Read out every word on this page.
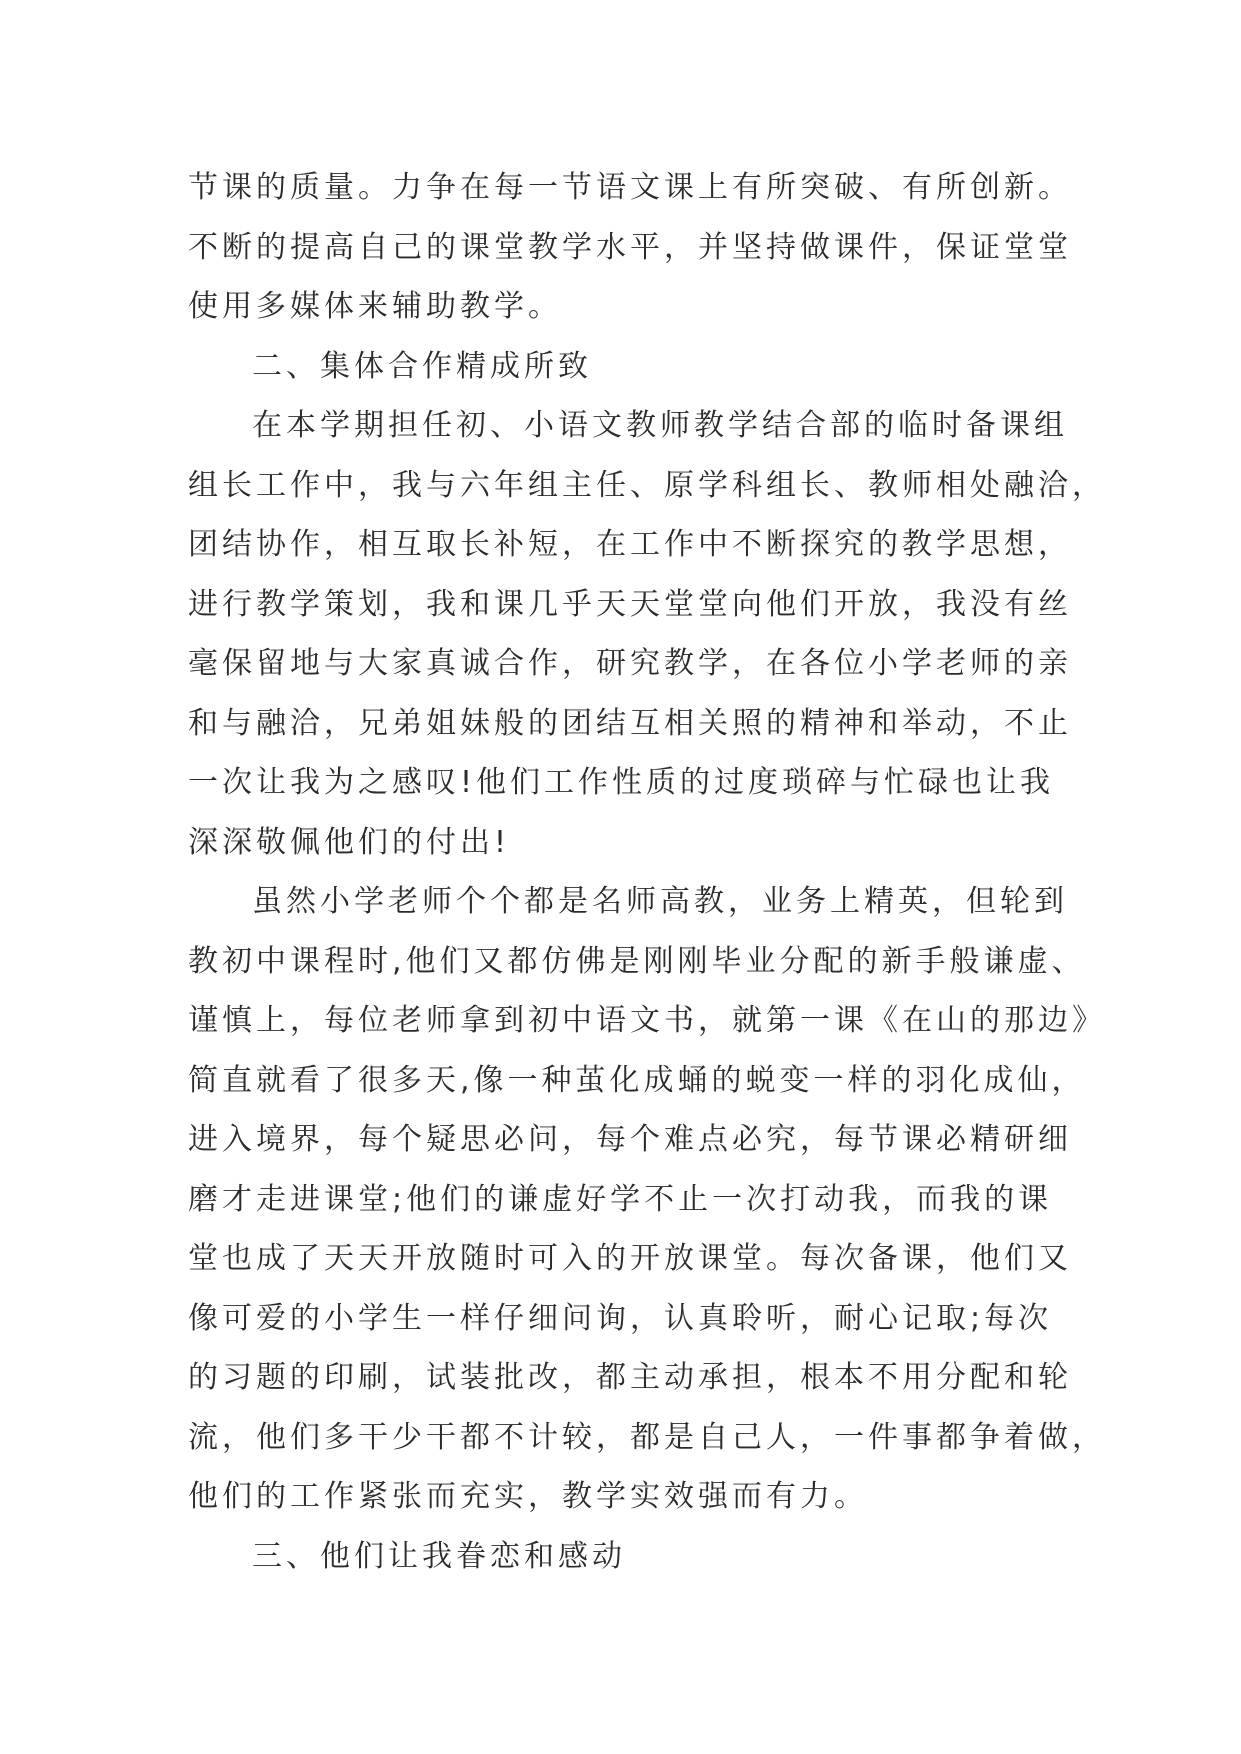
节课的质量。力争在每一节语文课上有所突破、有所创新。
不断的提高自己的课堂教学水平，并坚持做课件，保证堂堂
使用多媒体来辅助教学。
二、集体合作精成所致
在本学期担任初、小语文教师教学结合部的临时备课组
组长工作中，我与六年组主任、原学科组长、教师相处融洽，
团结协作，相互取长补短，在工作中不断探究的教学思想，
进行教学策划，我和课几乎天天堂堂向他们开放，我没有丝
毫保留地与大家真诚合作，研究教学，在各位小学老师的亲
和与融洽，兄弟姐妹般的团结互相关照的精神和举动，不止
一次让我为之感叹!他们工作性质的过度琐碎与忙碌也让我
深深敬佩他们的付出!
虽然小学老师个个都是名师高教，业务上精英，但轮到
教初中课程时,他们又都仿佛是刚刚毕业分配的新手般谦虚、
谨慎上，每位老师拿到初中语文书，就第一课《在山的那边》
简直就看了很多天,像一种茧化成蛹的蜕变一样的羽化成仙，
进入境界，每个疑思必问，每个难点必究，每节课必精研细
磨才走进课堂;他们的谦虚好学不止一次打动我，而我的课
堂也成了天天开放随时可入的开放课堂。每次备课，他们又
像可爱的小学生一样仔细问询，认真聆听，耐心记取;每次
的习题的印刷，试装批改，都主动承担，根本不用分配和轮
流，他们多干少干都不计较，都是自己人，一件事都争着做，
他们的工作紧张而充实，教学实效强而有力。
三、他们让我眷恋和感动
